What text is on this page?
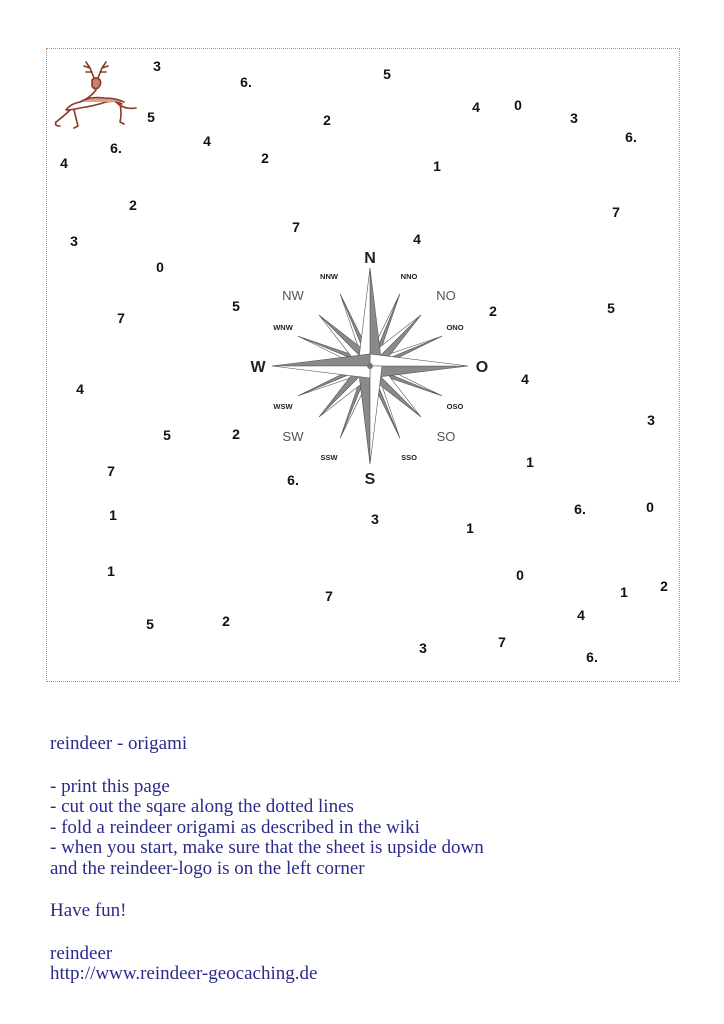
N
S
W	O
NW	NO
SW	SO
NNW	NNO
WNW	ONO
WSW	OSO
SSW	SSO
3
6.	5
4 0
3
6.
5	2
6.	4
2
4	1
2	7
7
4
3
0
5	2	5
7
4
4
3
5	2
7
1
6.
6.	0
1	3
1
1	0
2
1
7
4
5	2
3	7
6.
reindeer - origami
- print this page
- cut out the sqare along the dotted lines
- fold a reindeer origami as described in the wiki
- when you start, make sure that the sheet is upside down
and the reindeer-logo is on the left corner
Have fun!
reindeer
http://www.reindeer-geocaching.de
